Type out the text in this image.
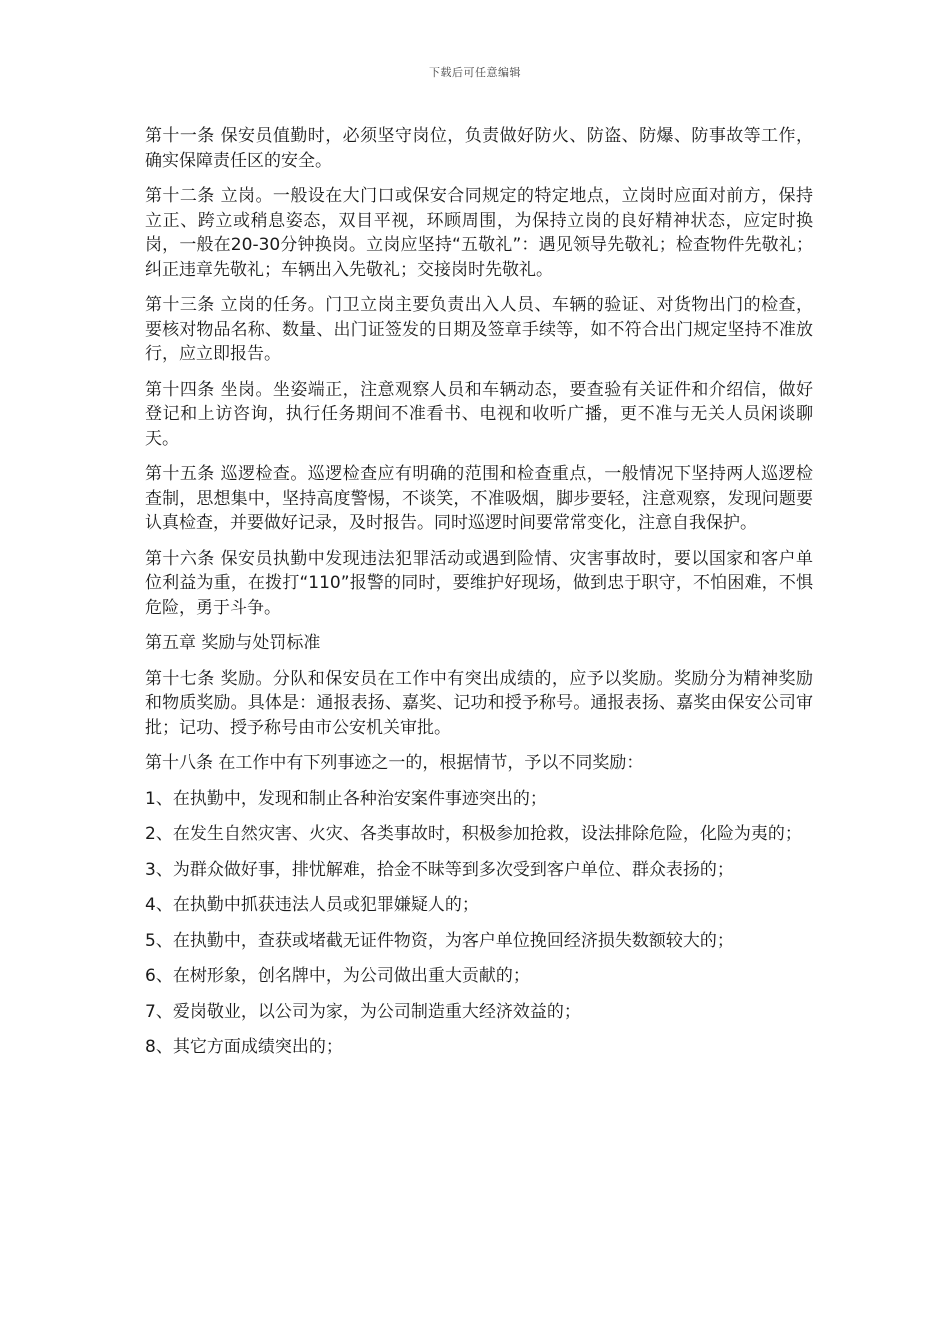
下载后可任意编辑

第十一条 保安员值勤时，必须坚守岗位，负责做好防火、防盗、防爆、防事故等工作，确实保障责任区的安全。

第十二条 立岗。一般设在大门口或保安合同规定的特定地点，立岗时应面对前方，保持立正、跨立或稍息姿态，双目平视，环顾周围，为保持立岗的良好精神状态，应定时换岗，一般在20-30分钟换岗。立岗应坚持“五敬礼”：遇见领导先敬礼；检查物件先敬礼；纠正违章先敬礼；车辆出入先敬礼；交接岗时先敬礼。

第十三条 立岗的任务。门卫立岗主要负责出入人员、车辆的验证、对货物出门的检查，要核对物品名称、数量、出门证签发的日期及签章手续等，如不符合出门规定坚持不准放行，应立即报告。

第十四条 坐岗。坐姿端正，注意观察人员和车辆动态，要查验有关证件和介绍信，做好登记和上访咨询，执行任务期间不准看书、电视和收听广播，更不准与无关人员闲谈聊天。

第十五条 巡逻检查。巡逻检查应有明确的范围和检查重点，一般情况下坚持两人巡逻检查制，思想集中，坚持高度警惕，不谈笑，不准吸烟，脚步要轻，注意观察，发现问题要认真检查，并要做好记录，及时报告。同时巡逻时间要常常变化，注意自我保护。

第十六条 保安员执勤中发现违法犯罪活动或遇到险情、灾害事故时，要以国家和客户单位利益为重，在拨打“110”报警的同时，要维护好现场，做到忠于职守，不怕困难，不惧危险，勇于斗争。

第五章 奖励与处罚标准

第十七条 奖励。分队和保安员在工作中有突出成绩的，应予以奖励。奖励分为精神奖励和物质奖励。具体是：通报表扬、嘉奖、记功和授予称号。通报表扬、嘉奖由保安公司审批；记功、授予称号由市公安机关审批。

第十八条 在工作中有下列事迹之一的，根据情节，予以不同奖励：

1、在执勤中，发现和制止各种治安案件事迹突出的；

2、在发生自然灾害、火灾、各类事故时，积极参加抢救，设法排除危险，化险为夷的；

3、为群众做好事，排忧解难，拾金不昧等到多次受到客户单位、群众表扬的；

4、在执勤中抓获违法人员或犯罪嫌疑人的；

5、在执勤中，查获或堵截无证件物资，为客户单位挽回经济损失数额较大的；

6、在树形象，创名牌中，为公司做出重大贡献的；

7、爱岗敬业，以公司为家，为公司制造重大经济效益的；

8、其它方面成绩突出的；
